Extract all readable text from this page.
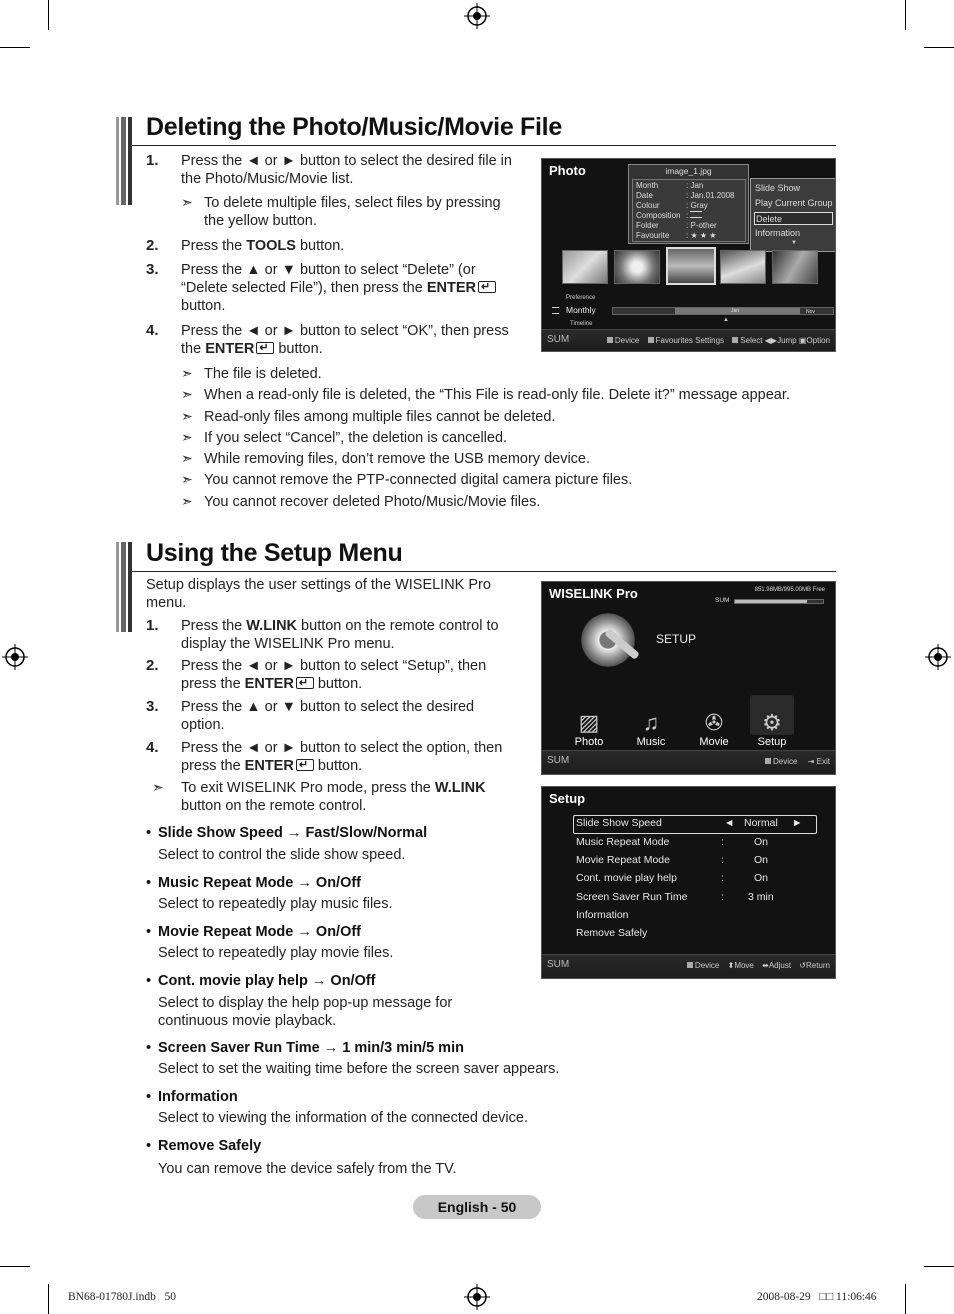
Deleting the Photo/Music/Movie File
1. Press the ◄ or ► button to select the desired file in
the Photo/Music/Movie list.
➣ To delete multiple files, select files by pressing
the yellow button.
2. Press the TOOLS button.
3. Press the ▲ or ▼ button to select “Delete” (or
“Delete selected File”), then press the ENTER↵
button.
4. Press the ◄ or ► button to select “OK”, then press
the ENTER↵ button.
➣ The file is deleted.
➣ When a read-only file is deleted, the “This File is read-only file. Delete it?” message appear.
➣ Read-only files among multiple files cannot be deleted.
➣ If you select “Cancel”, the deletion is cancelled.
➣ While removing files, don’t remove the USB memory device.
➣ You cannot remove the PTP-connected digital camera picture files.
➣ You cannot recover deleted Photo/Music/Movie files.
Photo	image_1.jpg
Month	: Jan
Date	: Jan.01.2008
Colour	: Gray
Composition :
Folder	: P-other
Favourite : ★ ★ ★
Slide Show
Play Current Group
Delete
Information
▼
Preference
Monthly
Timeline
Jan	Nov
▲
SUM	Device Favourites Settings Select ◀▶Jump ▣Option
Using the Setup Menu
Setup displays the user settings of the WISELINK Pro
menu.
1. Press the W.LINK button on the remote control to
display the WISELINK Pro menu.
2. Press the ◄ or ► button to select “Setup”, then
press the ENTER↵ button.
3. Press the ▲ or ▼ button to select the desired
option.
4. Press the ◄ or ► button to select the option, then
press the ENTER↵ button.
➣ To exit WISELINK Pro mode, press the W.LINK
button on the remote control.
• Slide Show Speed → Fast/Slow/Normal
Select to control the slide show speed.
• Music Repeat Mode → On/Off
Select to repeatedly play music files.
• Movie Repeat Mode → On/Off
Select to repeatedly play movie files.
• Cont. movie play help → On/Off
Select to display the help pop-up message for
continuous movie playback.
• Screen Saver Run Time → 1 min/3 min/5 min
Select to set the waiting time before the screen saver appears.
• Information
Select to viewing the information of the connected device.
• Remove Safely
You can remove the device safely from the TV.
WISELINK Pro	851.98MB/995.00MB Free
SUM
SETUP
▨
Photo
♫
Music
✇
Movie
⚙
Setup
SUM	Device ⇥ Exit
Setup
Slide Show Speed	◄ Normal ►
Music Repeat Mode	:	On
Movie Repeat Mode	:	On
Cont. movie play help	:	On
Screen Saver Run Time	: 3 min
Information
Remove Safely
SUM	Device ⬍Move ⬌Adjust ↺Return
English - 50
BN68-01780J.indb   50	2008-08-29   □□ 11:06:46
